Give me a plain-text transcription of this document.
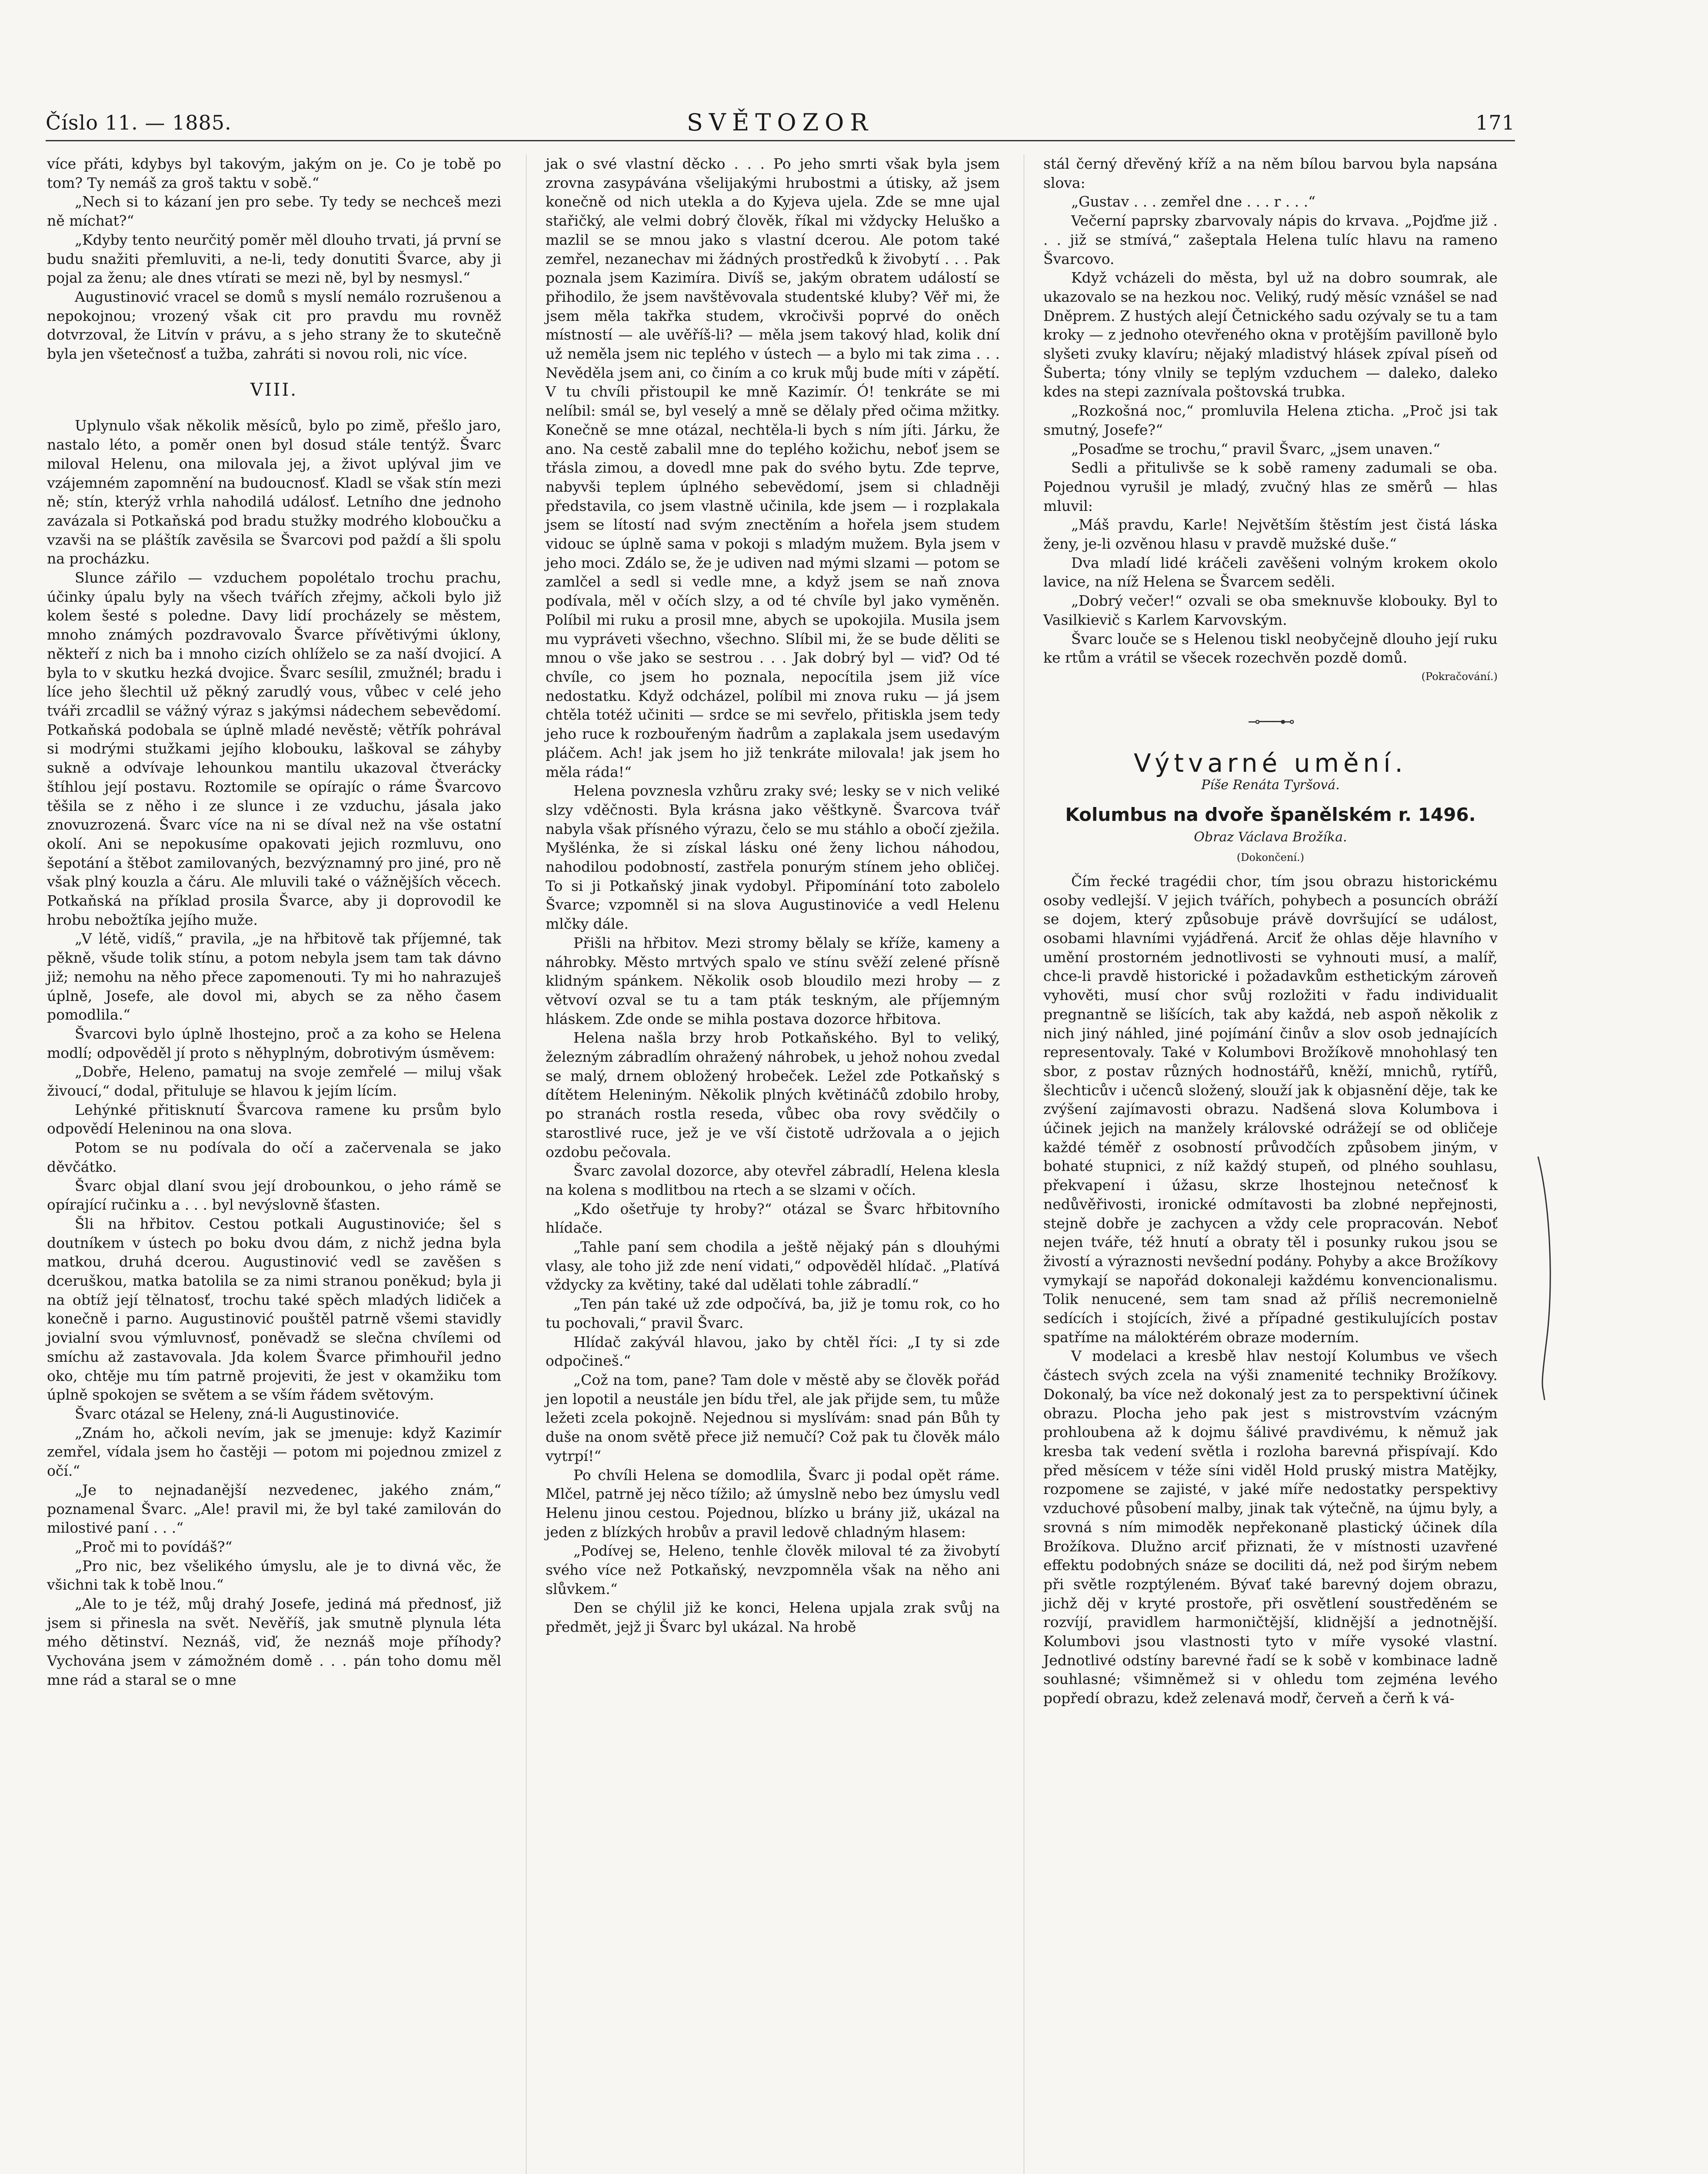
Číslo 11. — 1885.	SVĚTOZOR	171

více přáti, kdybys byl takovým, jakým on je. Co je tobě po tom? Ty nemáš za groš taktu v sobě.“

„Nech si to kázaní jen pro sebe. Ty tedy se nechceš mezi ně míchat?“

„Kdyby tento neurčitý poměr měl dlouho trvati, já první se budu snažiti přemluviti, a ne-li, tedy donutiti Švarce, aby ji pojal za ženu; ale dnes vtírati se mezi ně, byl by nesmysl.“

Augustinović vracel se domů s myslí nemálo rozrušenou a nepokojnou; vrozený však cit pro pravdu mu rovněž dotvrzoval, že Litvín v právu, a s jeho strany že to skutečně byla jen všetečnosť a tužba, zahráti si novou roli, nic více.

VIII.

Uplynulo však několik měsíců, bylo po zimě, přešlo jaro, nastalo léto, a poměr onen byl dosud stále tentýž. Švarc miloval Helenu, ona milovala jej, a život uplýval jim ve vzájemném zapomnění na budoucnosť. Kladl se však stín mezi ně; stín, kterýž vrhla nahodilá událosť. Letního dne jednoho zavázala si Potkaňská pod bradu stužky modrého kloboučku a vzavši na se pláštík zavěsila se Švarcovi pod paždí a šli spolu na procházku.

Slunce zářilo — vzduchem popolétalo trochu prachu, účinky úpalu byly na všech tvářích zřejmy, ačkoli bylo již kolem šesté s poledne. Davy lidí procházely se městem, mnoho známých pozdravovalo Švarce přívětivými úklony, někteří z nich ba i mnoho cizích ohlíželo se za naší dvojicí. A byla to v skutku hezká dvojice. Švarc sesílil, zmužnél; bradu i líce jeho šlechtil už pěkný zarudlý vous, vůbec v celé jeho tváři zrcadlil se vážný výraz s jakýmsi nádechem sebevědomí. Potkaňská podobala se úplně mladé nevěstě; větřík pohrával si modrými stužkami jejího klobouku, laškoval se záhyby sukně a odvívaje lehounkou mantilu ukazoval čtverácky štíhlou její postavu. Roztomile se opírajíc o ráme Švarcovo těšila se z něho i ze slunce i ze vzduchu, jásala jako znovuzrozená. Švarc více na ni se díval než na vše ostatní okolí. Ani se nepokusíme opakovati jejich rozmluvu, ono šepotání a štěbot zamilovaných, bezvýznamný pro jiné, pro ně však plný kouzla a čáru. Ale mluvili také o vážnějších věcech. Potkaňská na příklad prosila Švarce, aby ji doprovodil ke hrobu nebožtíka jejího muže.

„V létě, vidíš,“ pravila, „je na hřbitově tak příjemné, tak pěkně, všude tolik stínu, a potom nebyla jsem tam tak dávno již; nemohu na něho přece zapomenouti. Ty mi ho nahrazuješ úplně, Josefe, ale dovol mi, abych se za něho časem pomodlila.“

Švarcovi bylo úplně lhostejno, proč a za koho se Helena modlí; odpověděl jí proto s něhyplným, dobrotivým úsměvem:

„Dobře, Heleno, pamatuj na svoje zemřelé — miluj však živoucí,“ dodal, přituluje se hlavou k jejím lícím.

Lehýnké přitisknutí Švarcova ramene ku prsům bylo odpovědí Heleninou na ona slova.

Potom se nu podívala do očí a začervenala se jako děvčátko.

Švarc objal dlaní svou její drobounkou, o jeho rámě se opírající ručinku a . . . byl nevýslovně šťasten.

Šli na hřbitov. Cestou potkali Augustinoviće; šel s doutníkem v ústech po boku dvou dám, z nichž jedna byla matkou, druhá dcerou. Augustinović vedl se zavěšen s dceruškou, matka batolila se za nimi stranou poněkud; byla ji na obtíž její tělnatosť, trochu také spěch mladých lidiček a konečně i parno. Augustinović pouštěl patrně všemi stavidly jovialní svou výmluvnosť, poněvadž se slečna chvílemi od smíchu až zastavovala. Jda kolem Švarce přimhouřil jedno oko, chtěje mu tím patrně projeviti, že jest v okamžiku tom úplně spokojen se světem a se vším řádem světovým.

Švarc otázal se Heleny, zná-li Augustinoviće.

„Znám ho, ačkoli nevím, jak se jmenuje: když Kazimír zemřel, vídala jsem ho častěji — potom mi pojednou zmizel z očí.“

„Je to nejnadanější nezvedenec, jakého znám,“ poznamenal Švarc. „Ale! pravil mi, že byl také zamilován do milostivé paní . . .“

„Proč mi to povídáš?“

„Pro nic, bez všelikého úmyslu, ale je to divná věc, že všichni tak k tobě lnou.“

„Ale to je též, můj drahý Josefe, jediná má přednosť, již jsem si přinesla na svět. Nevěříš, jak smutně plynula léta mého dětinství. Neznáš, viď, že neznáš moje příhody? Vychována jsem v zámožném domě . . . pán toho domu měl mne rád a staral se o mne

jak o své vlastní děcko . . . Po jeho smrti však byla jsem zrovna zasypávána všelijakými hrubostmi a útisky, až jsem konečně od nich utekla a do Kyjeva ujela. Zde se mne ujal stařičký, ale velmi dobrý člověk, říkal mi vždycky Heluško a mazlil se se mnou jako s vlastní dcerou. Ale potom také zemřel, nezanechav mi žádných prostředků k živobytí . . . Pak poznala jsem Kazimíra. Divíš se, jakým obratem událostí se přihodilo, že jsem navštěvovala studentské kluby? Věř mi, že jsem měla takřka studem, vkročivši poprvé do oněch místností — ale uvěříš-li? — měla jsem takový hlad, kolik dní už neměla jsem nic teplého v ústech — a bylo mi tak zima . . . Nevěděla jsem ani, co činím a co kruk můj bude míti v zápětí. V tu chvíli přistoupil ke mně Kazimír. Ó! tenkráte se mi nelíbil: smál se, byl veselý a mně se dělaly před očima mžitky. Konečně se mne otázal, nechtěla-li bych s ním jíti. Járku, že ano. Na cestě zabalil mne do teplého kožichu, neboť jsem se třásla zimou, a dovedl mne pak do svého bytu. Zde teprve, nabyvši teplem úplného sebevědomí, jsem si chladněji představila, co jsem vlastně učinila, kde jsem — i rozplakala jsem se lítostí nad svým znectěním a hořela jsem studem vidouc se úplně sama v pokoji s mladým mužem. Byla jsem v jeho moci. Zdálo se, že je udiven nad mými slzami — potom se zamlčel a sedl si vedle mne, a když jsem se naň znova podívala, měl v očích slzy, a od té chvíle byl jako vyměněn. Políbil mi ruku a prosil mne, abych se upokojila. Musila jsem mu vypráveti všechno, všechno. Slíbil mi, že se bude děliti se mnou o vše jako se sestrou . . . Jak dobrý byl — viď? Od té chvíle, co jsem ho poznala, nepocítila jsem již více nedostatku. Když odcházel, políbil mi znova ruku — já jsem chtěla totéž učiniti — srdce se mi sevřelo, přitiskla jsem tedy jeho ruce k rozbouřeným ňadrům a zaplakala jsem usedavým pláčem. Ach! jak jsem ho již tenkráte milovala! jak jsem ho měla ráda!“

Helena povznesla vzhůru zraky své; lesky se v nich veliké slzy vděčnosti. Byla krásna jako věštkyně. Švarcova tvář nabyla však přísného výrazu, čelo se mu stáhlo a obočí zježila. Myšlénka, že si získal lásku oné ženy lichou náhodou, nahodilou podobností, zastřela ponurým stínem jeho obličej. To si ji Potkaňský jinak vydobyl. Připomínání toto zabolelo Švarce; vzpomněl si na slova Augustinoviće a vedl Helenu mlčky dále.

Přišli na hřbitov. Mezi stromy bělaly se kříže, kameny a náhrobky. Město mrtvých spalo ve stínu svěží zelené přísně klidným spánkem. Několik osob bloudilo mezi hroby — z větvoví ozval se tu a tam pták teskným, ale příjemným hláskem. Zde onde se mihla postava dozorce hřbitova.

Helena našla brzy hrob Potkaňského. Byl to veliký, železným zábradlím ohražený náhrobek, u jehož nohou zvedal se malý, drnem obložený hrobeček. Ležel zde Potkaňský s dítětem Heleniným. Několik plných květináčů zdobilo hroby, po stranách rostla reseda, vůbec oba rovy svědčily o starostlivé ruce, jež je ve vší čistotě udržovala a o jejich ozdobu pečovala.

Švarc zavolal dozorce, aby otevřel zábradlí, Helena klesla na kolena s modlitbou na rtech a se slzami v očích.

„Kdo ošetřuje ty hroby?“ otázal se Švarc hřbitovního hlídače.

„Tahle paní sem chodila a ještě nějaký pán s dlouhými vlasy, ale toho již zde není vidati,“ odpověděl hlídač. „Platívá vždycky za květiny, také dal udělati tohle zábradlí.“

„Ten pán také už zde odpočívá, ba, již je tomu rok, co ho tu pochovali,“ pravil Švarc.

Hlídač zakývál hlavou, jako by chtěl říci: „I ty si zde odpočineš.“

„Což na tom, pane? Tam dole v městě aby se člověk pořád jen lopotil a neustále jen bídu třel, ale jak přijde sem, tu může ležeti zcela pokojně. Nejednou si myslívám: snad pán Bůh ty duše na onom světě přece již nemučí? Což pak tu člověk málo vytrpí!“

Po chvíli Helena se domodlila, Švarc ji podal opět ráme. Mlčel, patrně jej něco tížilo; až úmyslně nebo bez úmyslu vedl Helenu jinou cestou. Pojednou, blízko u brány již, ukázal na jeden z blízkých hrobův a pravil ledově chladným hlasem:

„Podívej se, Heleno, tenhle člověk miloval té za živobytí svého více než Potkaňský, nevzpomněla však na něho ani slůvkem.“

Den se chýlil již ke konci, Helena upjala zrak svůj na předmět, jejž ji Švarc byl ukázal. Na hrobě

stál černý dřevěný kříž a na něm bílou barvou byla napsána slova:

„Gustav . . . zemřel dne . . . r . . .“

Večerní paprsky zbarvovaly nápis do krvava. „Pojďme již . . . již se stmívá,“ zašeptala Helena tulíc hlavu na rameno Švarcovo.

Když vcházeli do města, byl už na dobro soumrak, ale ukazovalo se na hezkou noc. Veliký, rudý měsíc vznášel se nad Dněprem. Z hustých alejí Četnického sadu ozývaly se tu a tam kroky — z jednoho otevřeného okna v protějším pavilloně bylo slyšeti zvuky klavíru; nějaký mladistvý hlásek zpíval píseň od Šuberta; tóny vlnily se teplým vzduchem — daleko, daleko kdes na stepi zaznívala poštovská trubka.

„Rozkošná noc,“ promluvila Helena zticha. „Proč jsi tak smutný, Josefe?“

„Posaďme se trochu,“ pravil Švarc, „jsem unaven.“

Sedli a přitulivše se k sobě rameny zadumali se oba. Pojednou vyrušil je mladý, zvučný hlas ze směrů — hlas mluvil:

„Máš pravdu, Karle! Největším štěstím jest čistá láska ženy, je-li ozvěnou hlasu v pravdě mužské duše.“

Dva mladí lidé kráčeli zavěšeni volným krokem okolo lavice, na níž Helena se Švarcem seděli.

„Dobrý večer!“ ozvali se oba smeknuvše klobouky. Byl to Vasilkievič s Karlem Karvovským.

Švarc louče se s Helenou tiskl neobyčejně dlouho její ruku ke rtům a vrátil se všecek rozechvěn pozdě domů.

(Pokračování.)
⊸───⊷
Výtvarné umění.
Píše Renáta Tyršová.
Kolumbus na dvoře španělském r. 1496.
Obraz Václava Brožíka.
(Dokončení.)

Čím řecké tragédii chor, tím jsou obrazu historickému osoby vedlejší. V jejich tvářích, pohybech a posuncích obráží se dojem, který způsobuje právě dovršující se událost, osobami hlavními vyjádřená. Arciť že ohlas děje hlavního v umění prostorném jednotlivosti se vyhnouti musí, a malíř, chce-li pravdě historické i požadavkům esthetickým zároveň vyhověti, musí chor svůj rozložiti v řadu individualit pregnantně se lišících, tak aby každá, neb aspoň několik z nich jiný náhled, jiné pojímání činův a slov osob jednajících representovaly. Také v Kolumbovi Brožíkově mnohohlasý ten sbor, z postav různých hodnostářů, kněží, mnichů, rytířů, šlechticův i učenců složený, slouží jak k objasnění děje, tak ke zvýšení zajímavosti obrazu. Nadšená slova Kolumbova i účinek jejich na manžely královské odrážejí se od obličeje každé téměř z osobností průvodčích způsobem jiným, v bohaté stupnici, z níž každý stupeň, od plného souhlasu, překvapení i úžasu, skrze lhostejnou netečnosť k nedůvěřivosti, ironické odmítavosti ba zlobné nepřejnosti, stejně dobře je zachycen a vždy cele propracován. Neboť nejen tváře, též hnutí a obraty těl i posunky rukou jsou se živostí a výraznosti nevšední podány. Pohyby a akce Brožíkovy vymykají se napořád dokonaleji každému konvencionalismu. Tolik nenucené, sem tam snad až příliš necremonielně sedících i stojících, živé a případné gestikulujících postav spatříme na máloktérém obraze moderním.

V modelaci a kresbě hlav nestojí Kolumbus ve všech částech svých zcela na výši znamenité techniky Brožíkovy. Dokonalý, ba více než dokonalý jest za to perspektivní účinek obrazu. Plocha jeho pak jest s mistrovstvím vzácným prohloubena až k dojmu šálivé pravdivému, k němuž jak kresba tak vedení světla i rozloha barevná přispívají. Kdo před měsícem v téže síni viděl Hold pruský mistra Matějky, rozpomene se zajisté, v jaké míře nedostatky perspektivy vzduchové působení malby, jinak tak výtečně, na újmu byly, a srovná s ním mimoděk nepřekonaně plastický účinek díla Brožíkova. Dlužno arciť přiznati, že v místnosti uzavřené effektu podobných snáze se dociliti dá, než pod širým nebem při světle rozptýleném. Bývať také barevný dojem obrazu, jichž děj v kryté prostoře, při osvětlení soustředěném se rozvíjí, pravidlem harmoničtější, klidnější a jednotnější. Kolumbovi jsou vlastnosti tyto v míře vysoké vlastní. Jednotlivé odstíny barevné řadí se k sobě v kombinace ladně souhlasné; všimněmež si v ohledu tom zejména levého popředí obrazu, kdež zelenavá modř, červeň a čerň k vá-
